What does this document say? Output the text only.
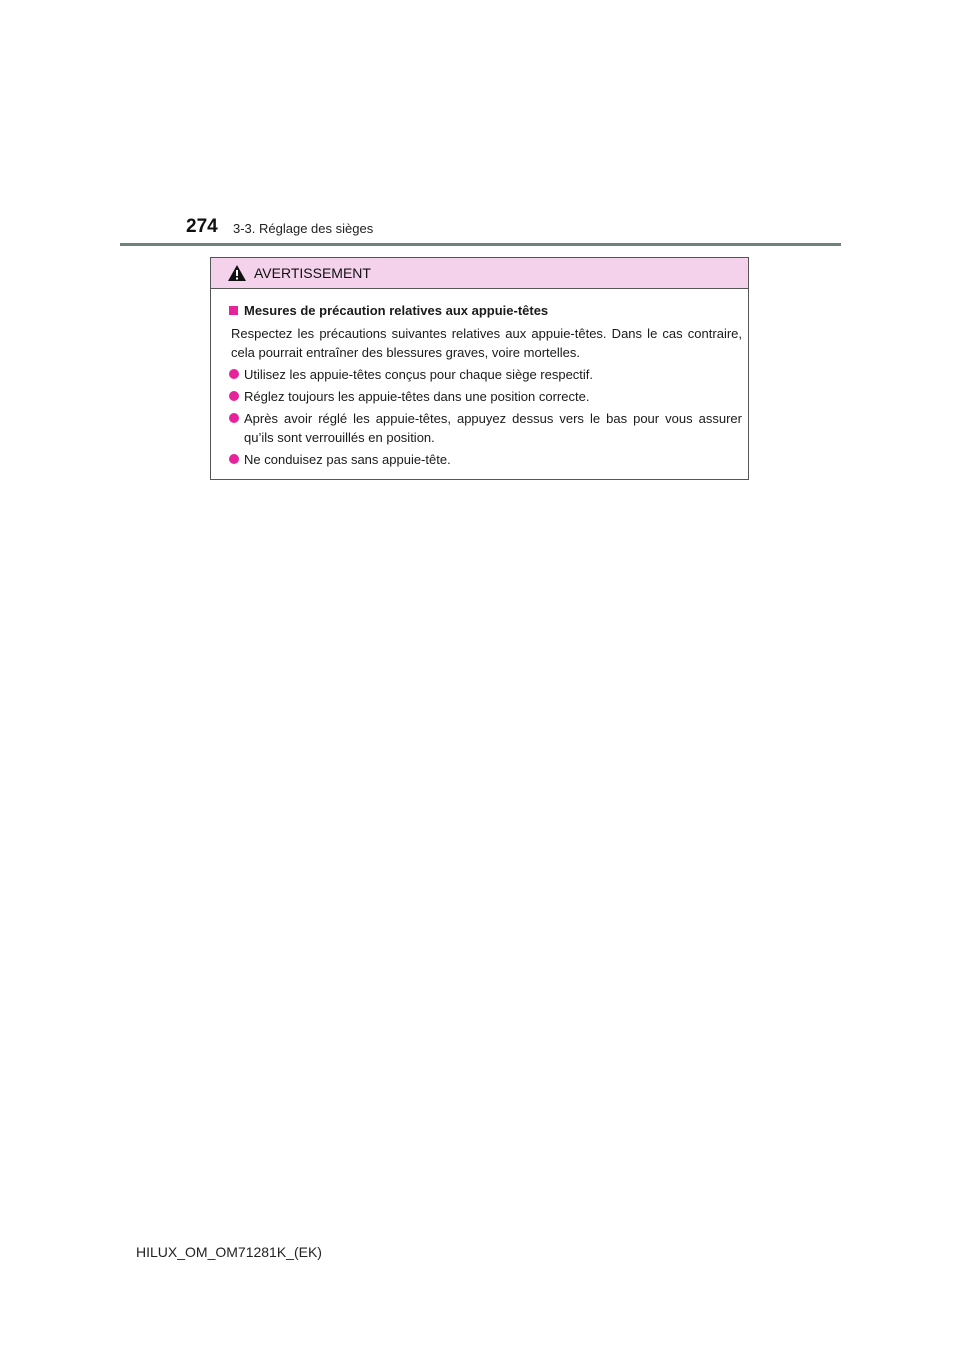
274 3-3. Réglage des sièges
AVERTISSEMENT
Mesures de précaution relatives aux appuie-têtes
Respectez les précautions suivantes relatives aux appuie-têtes. Dans le cas contraire, cela pourrait entraîner des blessures graves, voire mortelles.
Utilisez les appuie-têtes conçus pour chaque siège respectif.
Réglez toujours les appuie-têtes dans une position correcte.
Après avoir réglé les appuie-têtes, appuyez dessus vers le bas pour vous assurer qu’ils sont verrouillés en position.
Ne conduisez pas sans appuie-tête.
HILUX_OM_OM71281K_(EK)
